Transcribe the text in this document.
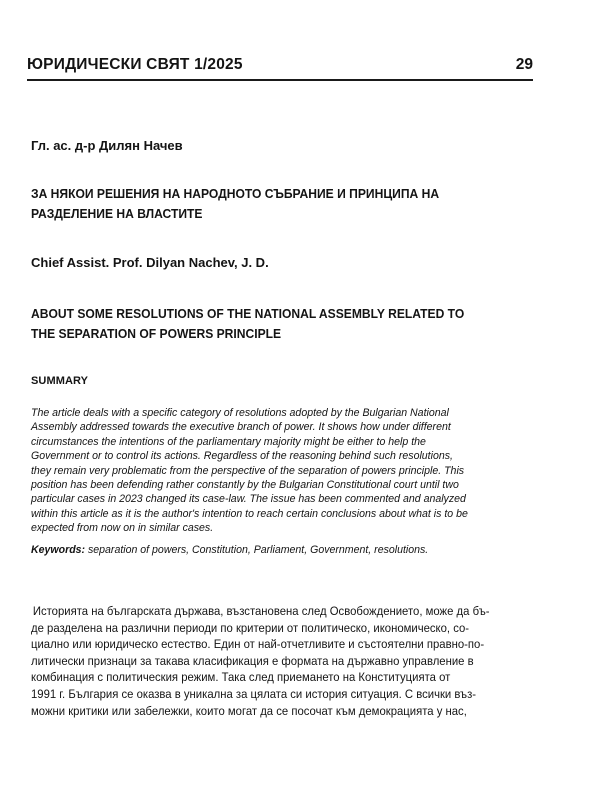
ЮРИДИЧЕСКИ СВЯТ 1/2025	29
Гл. ас. д-р Дилян Начев
ЗА НЯКОИ РЕШЕНИЯ НА НАРОДНОТО СЪБРАНИЕ И ПРИНЦИПА НА
РАЗДЕЛЕНИЕ НА ВЛАСТИТЕ
Chief Assist. Prof. Dilyan Nachev, J. D.
ABOUT SOME RESOLUTIONS OF THE NATIONAL ASSEMBLY RELATED TO
THE SEPARATION OF POWERS PRINCIPLE
SUMMARY
The article deals with a specific category of resolutions adopted by the Bulgarian National
Assembly addressed towards the executive branch of power. It shows how under different
circumstances the intentions of the parliamentary majority might be either to help the
Government or to control its actions. Regardless of the reasoning behind such resolutions,
they remain very problematic from the perspective of the separation of powers principle. This
position has been defending rather constantly by the Bulgarian Constitutional court until two
particular cases in 2023 changed its case-law. The issue has been commented and analyzed
within this article as it is the author's intention to reach certain conclusions about what is to be
expected from now on in similar cases.
Keywords: separation of powers, Constitution, Parliament, Government, resolutions.
Историята на българската държава, възстановена след Освобождението, може да бъ-
де разделена на различни периоди по критерии от политическо, икономическо, со-
циално или юридическо естество. Един от най-отчетливите и състоятелни правно-по-
литически признаци за такава класификация е формата на държавно управление в
комбинация с политическия режим. Така след приемането на Конституцията от
1991 г. България се оказва в уникална за цялата си история ситуация. С всички въз-
можни критики или забележки, които могат да се посочат към демокрацията у нас,
